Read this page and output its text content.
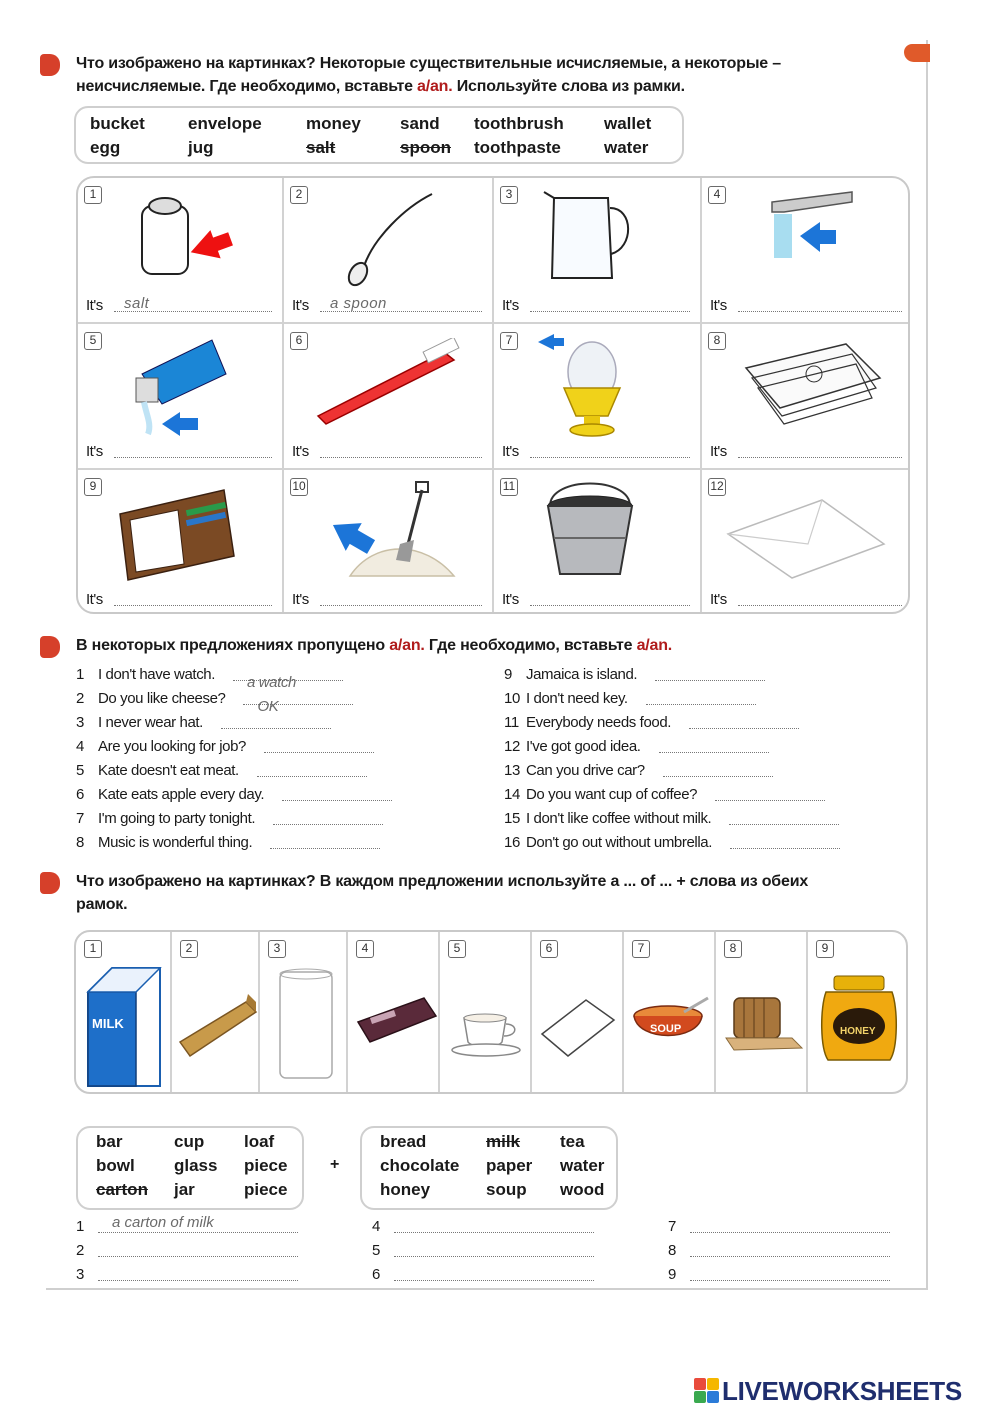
Что изображено на картинках? Некоторые существительные исчисляемые, а некоторые –
неисчисляемые. Где необходимо, вставьте a/an. Используйте слова из рамки.
bucket	envelope	money sand toothbrush wallet
egg	jug	salt	spoon toothpaste	water
1
It's salt
2
It's a spoon
3
It's
4
It's
5
It's
6
It's
7
It's
8
It's
9
It's
10
It's
11
It's
12
It's
В некоторых предложениях пропущено a/an. Где необходимо, вставьте a/an.
1 I don't have watch. a watch
2 Do you like cheese? OK
3 I never wear hat.
4 Are you looking for job?
5 Kate doesn't eat meat.
6 Kate eats apple every day.
7 I'm going to party tonight.
8 Music is wonderful thing.
9 Jamaica is island.
10 I don't need key.
11 Everybody needs food.
12 I've got good idea.
13 Can you drive car?
14 Do you want cup of coffee?
15 I don't like coffee without milk.
16 Don't go out without umbrella.
Что изображено на картинках? В каждом предложении используйте a ... of ... + слова из обеих
рамок.
1
MILK
2	3	4	5	6	7
SOUP
8	9
HONEY
bar	cup loaf
bowl glass piece
carton jar	piece
+
bread	milk tea
chocolate paper water
honey	soup wood
1 a carton of milk
2
3
4
5
6
7
8
9
LIVEWORKSHEETS
